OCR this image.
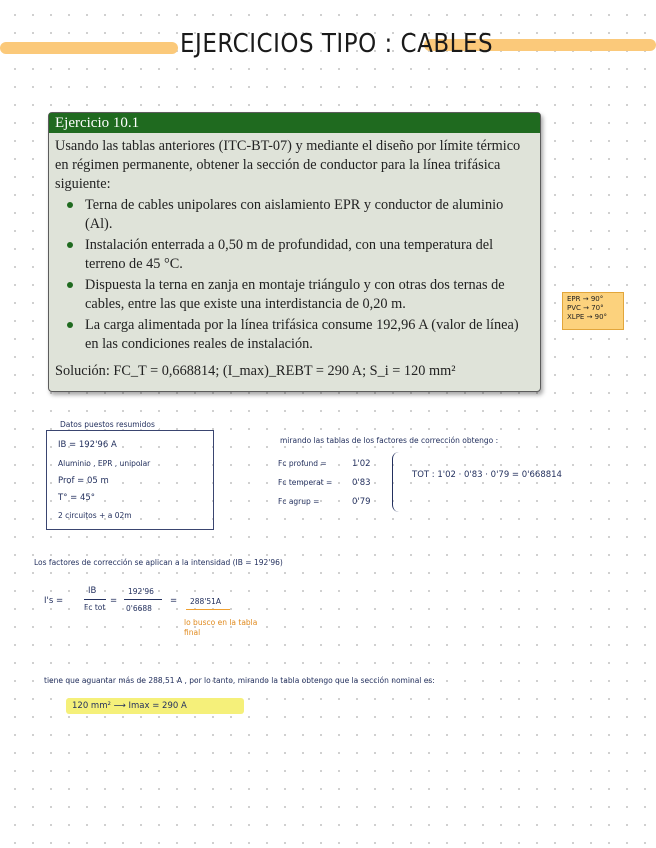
EJERCICIOS TIPO : CABLES
Ejercicio 10.1

Usando las tablas anteriores (ITC-BT-07) y mediante el diseño por límite térmico en régimen permanente, obtener la sección de conductor para la línea trifásica siguiente:

Terna de cables unipolares con aislamiento EPR y conductor de aluminio (Al).
Instalación enterrada a 0,50 m de profundidad, con una temperatura del terreno de 45 °C.
Dispuesta la terna en zanja en montaje triángulo y con otras dos ternas de cables, entre las que existe una interdistancia de 0,20 m.
La carga alimentada por la línea trifásica consume 192,96 A (valor de línea) en las condiciones reales de instalación.

Solución: FC_T = 0,668814; (I_max)_REBT = 290 A; S_i = 120 mm²

EPR → 90°
PVC → 70°
XLPE → 90°
Datos puestos resumidos
IB = 192'96 A
Aluminio , EPR , unipolar
Prof = 05 m
T° = 45°
2 circuitos + a 02m
mirando las tablas de los factores de corrección obtengo :
Fc profund =	1'02
Fc temperat = 0'83
Fc agrup =	0'79
TOT : 1'02 · 0'83 · 0'79 = 0'668814
Los factores de corrección se aplican a la intensidad (IB = 192'96)
I's =
IB
Fc tot
=
192'96
0'6688
= 288'51A
lo busco en la tabla final
tiene que aguantar más de 288,51 A , por lo tanto, mirando la tabla obtengo que la sección nominal es:
120 mm² ⟶ Imax = 290 A
